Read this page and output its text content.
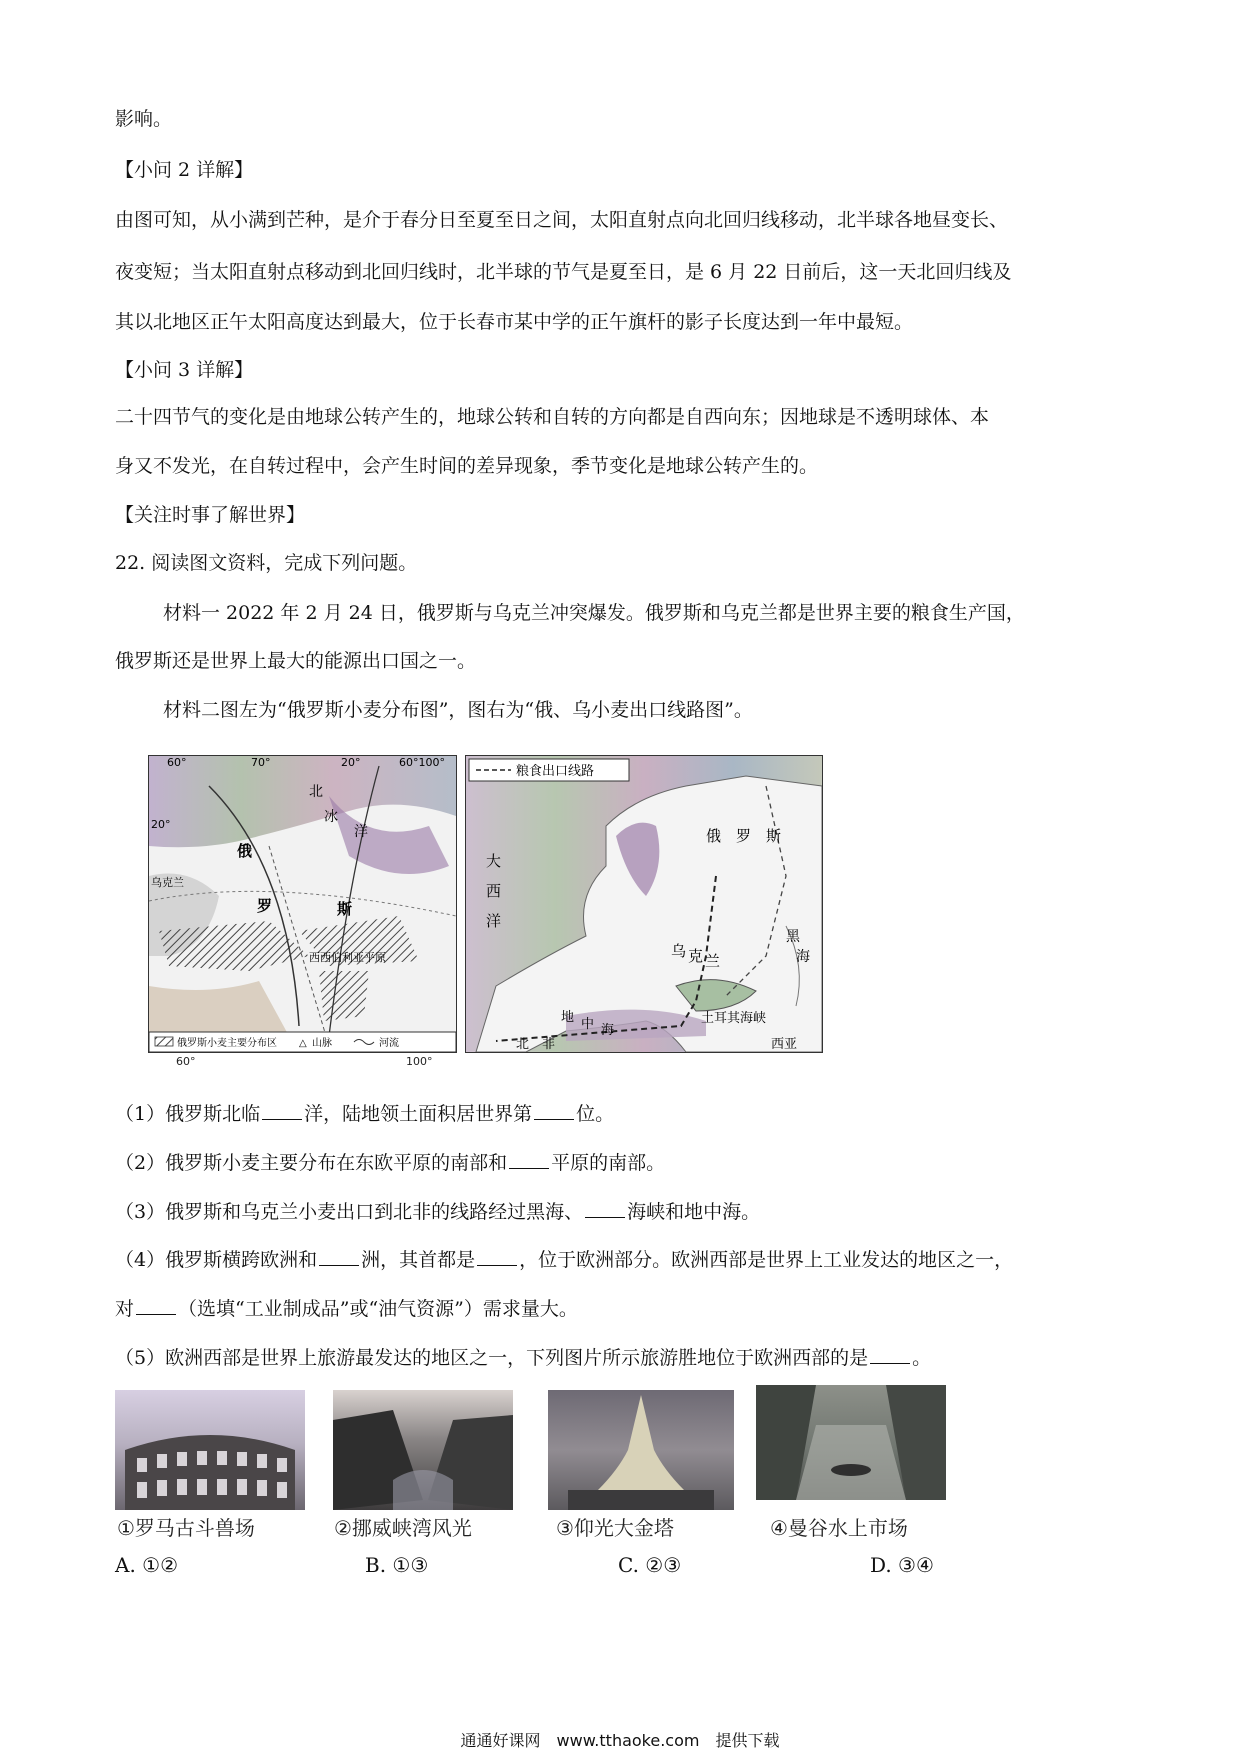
影响。
【小问 2 详解】
由图可知，从小满到芒种，是介于春分日至夏至日之间，太阳直射点向北回归线移动，北半球各地昼变长、
夜变短；当太阳直射点移动到北回归线时，北半球的节气是夏至日，是 6 月 22 日前后，这一天北回归线及
其以北地区正午太阳高度达到最大，位于长春市某中学的正午旗杆的影子长度达到一年中最短。
【小问 3 详解】
二十四节气的变化是由地球公转产生的，地球公转和自转的方向都是自西向东；因地球是不透明球体、本
身又不发光，在自转过程中，会产生时间的差异现象，季节变化是地球公转产生的。
【关注时事了解世界】
22. 阅读图文资料，完成下列问题。
材料一 2022 年 2 月 24 日，俄罗斯与乌克兰冲突爆发。俄罗斯和乌克兰都是世界主要的粮食生产国，
俄罗斯还是世界上最大的能源出口国之一。
材料二图左为“俄罗斯小麦分布图”，图右为“俄、乌小麦出口线路图”。
60°	70°	20°	60°100°
20°
北
冰
洋
俄
罗	斯
乌克兰
西西伯利亚平原
俄罗斯小麦主要分布区 △ 山脉	河流
60°	100°
粮食出口线路
大
西
洋
俄　罗　斯
乌 克 兰
黑
海
地 中 海
土耳其海峡
北　非	西亚
（1）俄罗斯北临 洋，陆地领土面积居世界第 位。
（2）俄罗斯小麦主要分布在东欧平原的南部和 平原的南部。
（3）俄罗斯和乌克兰小麦出口到北非的线路经过黑海、 海峡和地中海。
（4）俄罗斯横跨欧洲和 洲，其首都是 ，位于欧洲部分。欧洲西部是世界上工业发达的地区之一，
对 （选填“工业制成品”或“油气资源”）需求量大。
（5）欧洲西部是世界上旅游最发达的地区之一，下列图片所示旅游胜地位于欧洲西部的是 。
①罗马古斗兽场	②挪威峡湾风光	③仰光大金塔	④曼谷水上市场
A. ①②	B. ①③	C. ②③	D. ③④
通通好课网　www.tthaoke.com　提供下载
